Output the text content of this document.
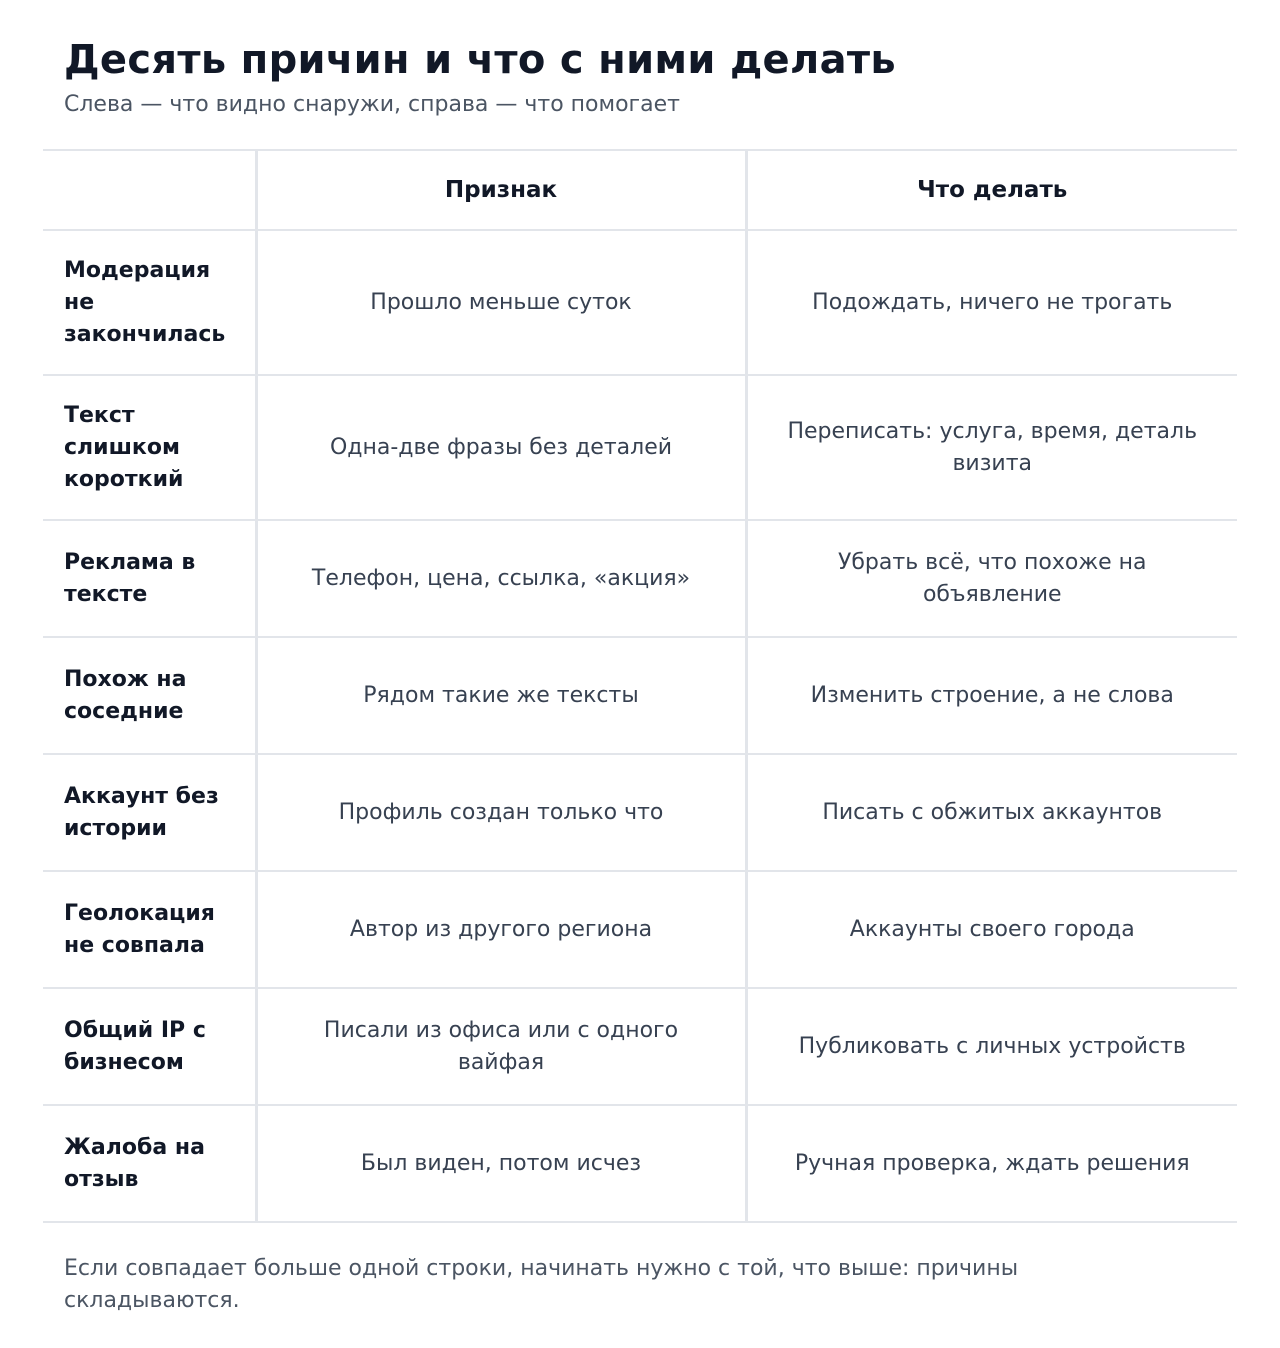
Десять причин и что с ними делать

Слева — что видно снаружи, справа — что помогает

	Признак	Что делать
Модерация не закончилась	Прошло меньше суток	Подождать, ничего не трогать
Текст слишком короткий	Одна-две фразы без деталей	Переписать: услуга, время, деталь визита
Реклама в тексте	Телефон, цена, ссылка, «акция»	Убрать всё, что похоже на объявление
Похож на соседние	Рядом такие же тексты	Изменить строение, а не слова
Аккаунт без истории	Профиль создан только что	Писать с обжитых аккаунтов
Геолокация не совпала	Автор из другого региона	Аккаунты своего города
Общий IP с бизнесом	Писали из офиса или с одного вайфая	Публиковать с личных устройств
Жалоба на отзыв	Был виден, потом исчез	Ручная проверка, ждать решения

Если совпадает больше одной строки, начинать нужно с той, что выше: причины складываются.
